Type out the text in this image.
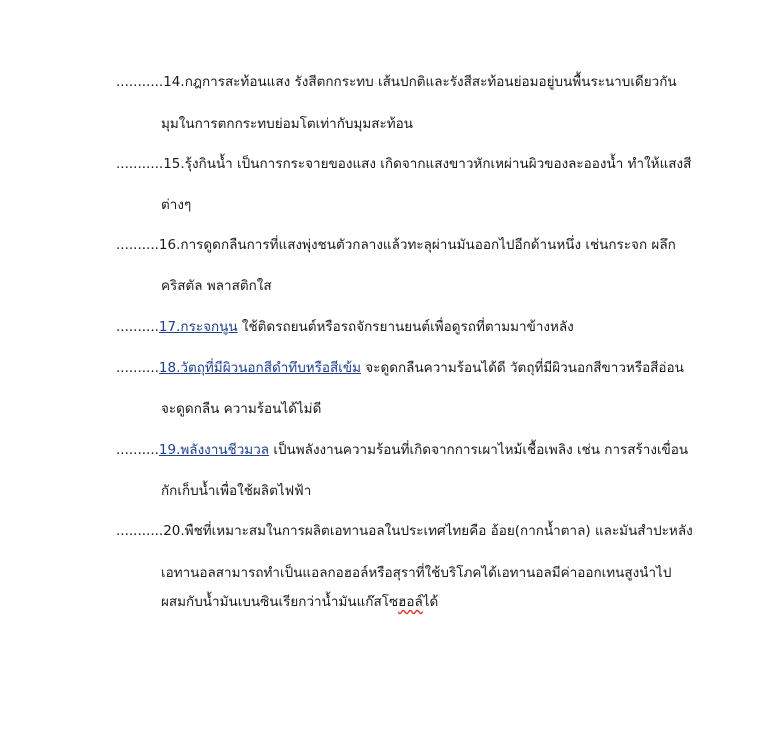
...........14.กฎการสะท้อนแสง รังสีตกกระทบ เส้นปกติและรังสีสะท้อนย่อมอยู่บนพื้นระนาบเดียวกัน
มุมในการตกกระทบย่อมโตเท่ากับมุมสะท้อน
...........15.รุ้งกินน้ำ เป็นการกระจายของแสง เกิดจากแสงขาวหักเหผ่านผิวของละอองน้ำ ทำให้แสงสี
ต่างๆ
..........16.การดูดกลืนการที่แสงพุ่งชนตัวกลางแล้วทะลุผ่านมันออกไปอีกด้านหนึ่ง เช่นกระจก ผลึก
คริสตัล พลาสติกใส
..........17.กระจกนูน ใช้ติดรถยนต์หรือรถจักรยานยนต์เพื่อดูรถที่ตามมาข้างหลัง
..........18.วัตถุที่มีผิวนอกสีดำทึบหรือสีเข้ม จะดูดกลืนความร้อนได้ดี วัตถุที่มีผิวนอกสีขาวหรือสีอ่อน
จะดูดกลืน ความร้อนได้ไม่ดี
..........19.พลังงานชีวมวล เป็นพลังงานความร้อนที่เกิดจากการเผาไหม้เชื้อเพลิง เช่น การสร้างเขื่อน
กักเก็บน้ำเพื่อใช้ผลิตไฟฟ้า
...........20.พืชที่เหมาะสมในการผลิตเอทานอลในประเทศไทยคือ อ้อย(กากน้ำตาล) และมันสำปะหลัง
เอทานอลสามารถทำเป็นแอลกอฮอล์หรือสุราที่ใช้บริโภคได้เอทานอลมีค่าออกเทนสูงนำไป
ผสมกับน้ำมันเบนซินเรียกว่าน้ำมันแก๊สโซฮอล์ได้
